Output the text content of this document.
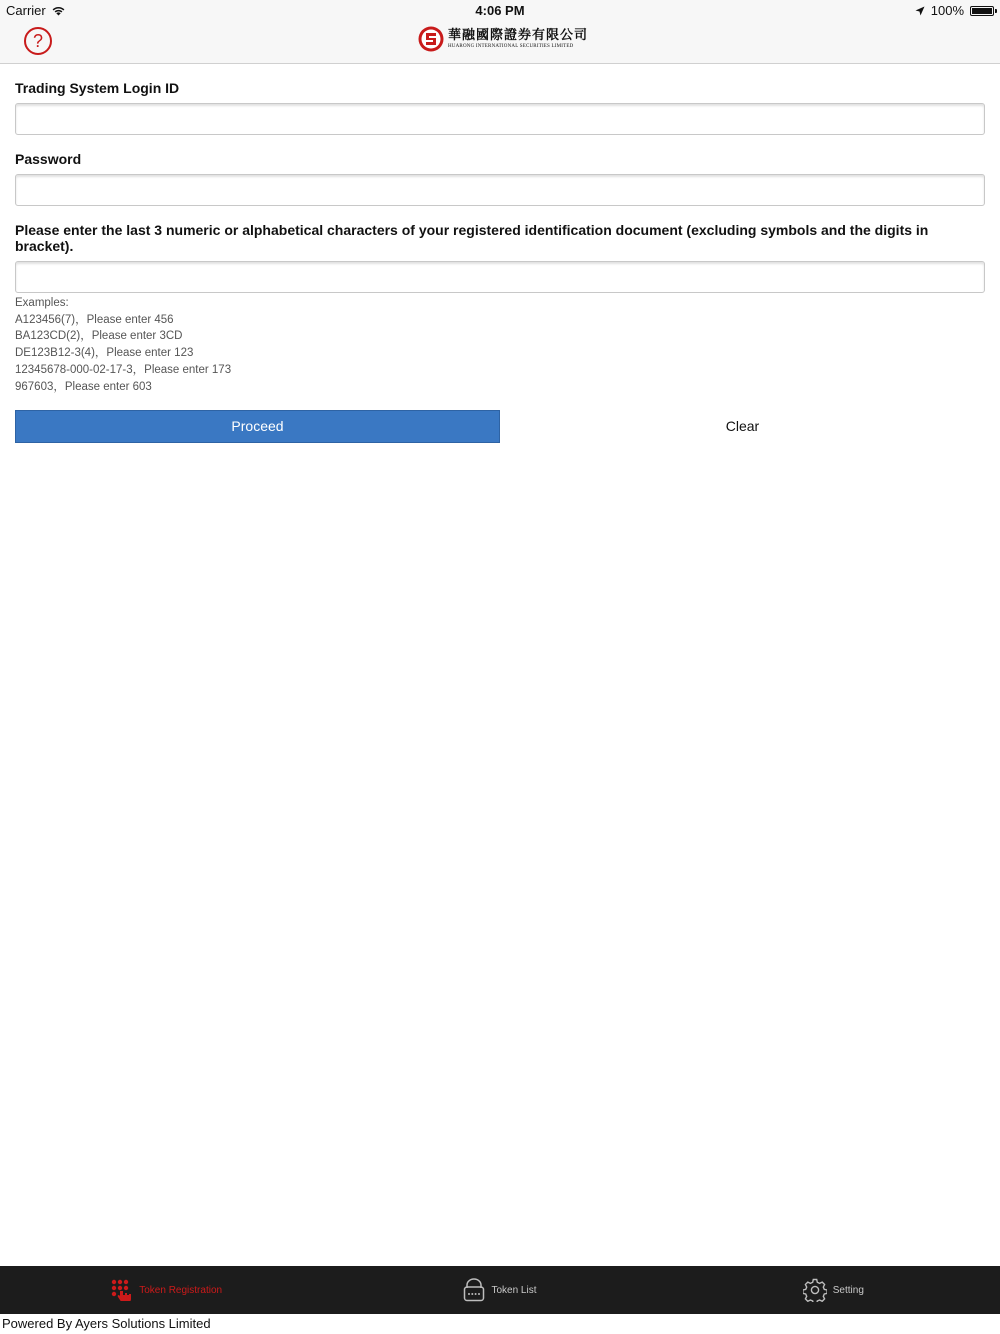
Carrier	4:06 PM	100%
?	華融國際證券有限公司
HUARONG INTERNATIONAL SECURITIES LIMITED
Trading System Login ID
Password
Please enter the last 3 numeric or alphabetical characters of your registered identification document (excluding symbols and the digits in bracket).
Examples:
A123456(7)，Please enter 456
BA123CD(2)，Please enter 3CD
DE123B12-3(4)，Please enter 123
12345678-000-02-17-3，Please enter 173
967603，Please enter 603
Proceed	Clear
Token Registration	Token List	Setting
Powered By Ayers Solutions Limited
